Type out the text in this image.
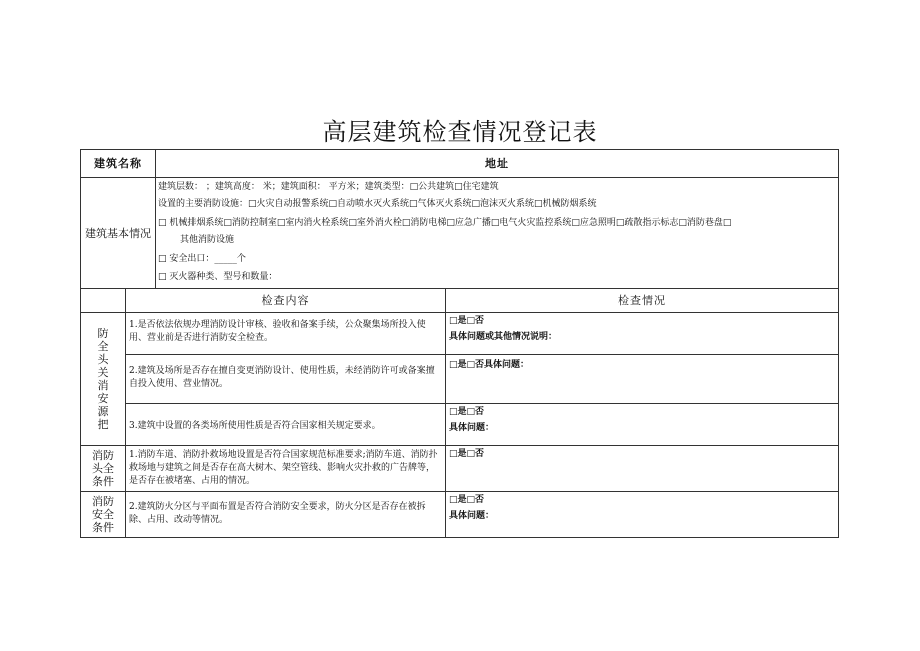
高层建筑检查情况登记表
建筑名称	地址
建筑基本情况
建筑层数： ；建筑高度： 米；建筑面积： 平方米；建筑类型：□公共建筑□住宅建筑
设置的主要消防设施：□火灾自动报警系统□自动喷水灭火系统□气体灭火系统□泡沫灭火系统□机械防烟系统
□ 机械排烟系统□消防控制室□室内消火栓系统□室外消火栓□消防电梯□应急广播□电气火灾监控系统□应急照明□疏散指示标志□消防巷盘□
其他消防设施
□ 安全出口：_____个
□ 灭火器种类、型号和数量：
检查内容	检查情况
防全头关消安源把
1.是否依法依规办理消防设计审核、验收和备案手续，公众聚集场所投入使用、营业前是否进行消防安全检查。
□是□否
具体问题或其他情况说明：
2.建筑及场所是否存在擅自变更消防设计、使用性质，未经消防许可或备案擅自投入使用、营业情况。
□是□否具体问题：
3.建筑中设置的各类场所使用性质是否符合国家相关规定要求。
□是□否
具体问题：
消防头全条件
1.消防车道、消防扑救场地设置是否符合国家规范标准要求;消防车道、消防扑救场地与建筑之间是否存在高大树木、架空管线、影响火灾扑救的广告牌等，是否存在被堵塞、占用的情况。
□是□否
消防安全条件
2.建筑防火分区与平面布置是否符合消防安全要求，防火分区是否存在被拆除、占用、改动等情况。
□是□否
具体问题：
